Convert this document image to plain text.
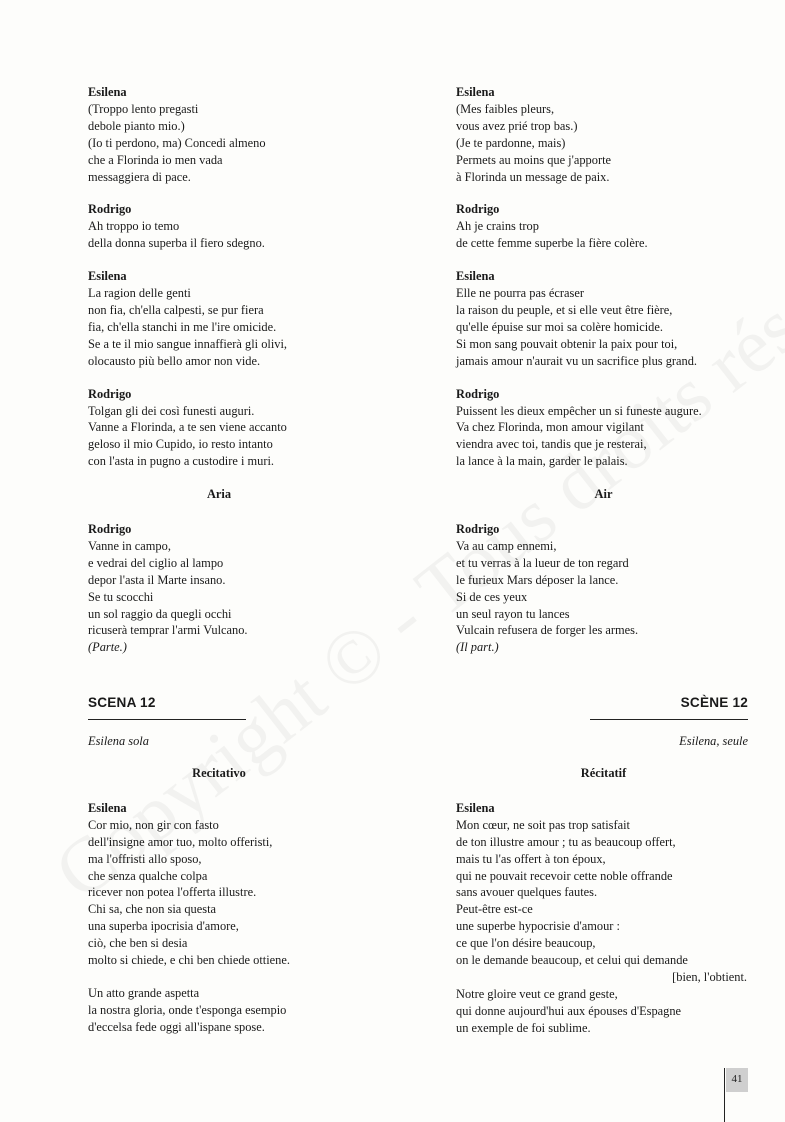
Esilena
(Troppo lento pregasti
debole pianto mio.)
(Io ti perdono, ma) Concedi almeno
che a Florinda io men vada
messaggiera di pace.
Rodrigo
Ah troppo io temo
della donna superba il fiero sdegno.
Esilena
La ragion delle genti
non fia, ch'ella calpesti, se pur fiera
fia, ch'ella stanchi in me l'ire omicide.
Se a te il mio sangue innaffierà gli olivi,
olocausto più bello amor non vide.
Rodrigo
Tolgan gli dei così funesti auguri.
Vanne a Florinda, a te sen viene accanto
geloso il mio Cupido, io resto intanto
con l'asta in pugno a custodire i muri.
Aria
Rodrigo
Vanne in campo,
e vedrai del ciglio al lampo
depor l'asta il Marte insano.
Se tu scocchi
un sol raggio da quegli occhi
ricuserà temprar l'armi Vulcano.
(Parte.)
Esilena
(Mes faibles pleurs,
vous avez prié trop bas.)
(Je te pardonne, mais)
Permets au moins que j'apporte
à Florinda un message de paix.
Rodrigo
Ah je crains trop
de cette femme superbe la fière colère.
Esilena
Elle ne pourra pas écraser
la raison du peuple, et si elle veut être fière,
qu'elle épuise sur moi sa colère homicide.
Si mon sang pouvait obtenir la paix pour toi,
jamais amour n'aurait vu un sacrifice plus grand.
Rodrigo
Puissent les dieux empêcher un si funeste augure.
Va chez Florinda, mon amour vigilant
viendra avec toi, tandis que je resterai,
la lance à la main, garder le palais.
Air
Rodrigo
Va au camp ennemi,
et tu verras à la lueur de ton regard
le furieux Mars déposer la lance.
Si de ces yeux
un seul rayon tu lances
Vulcain refusera de forger les armes.
(Il part.)
SCENA 12	SCÈNE 12
Esilena sola	Esilena, seule
Recitativo
Esilena
Cor mio, non gir con fasto
dell'insigne amor tuo, molto offeristi,
ma l'offristi allo sposo,
che senza qualche colpa
ricever non potea l'offerta illustre.
Chi sa, che non sia questa
una superba ipocrisia d'amore,
ciò, che ben si desia
molto si chiede, e chi ben chiede ottiene.
Un atto grande aspetta
la nostra gloria, onde t'esponga esempio
d'eccelsa fede oggi all'ispane spose.
Récitatif
Esilena
Mon cœur, ne soit pas trop satisfait
de ton illustre amour ; tu as beaucoup offert,
mais tu l'as offert à ton époux,
qui ne pouvait recevoir cette noble offrande
sans avouer quelques fautes.
Peut-être est-ce
une superbe hypocrisie d'amour :
ce que l'on désire beaucoup,
on le demande beaucoup, et celui qui demande
[bien, l'obtient.
Notre gloire veut ce grand geste,
qui donne aujourd'hui aux épouses d'Espagne
un exemple de foi sublime.
41
